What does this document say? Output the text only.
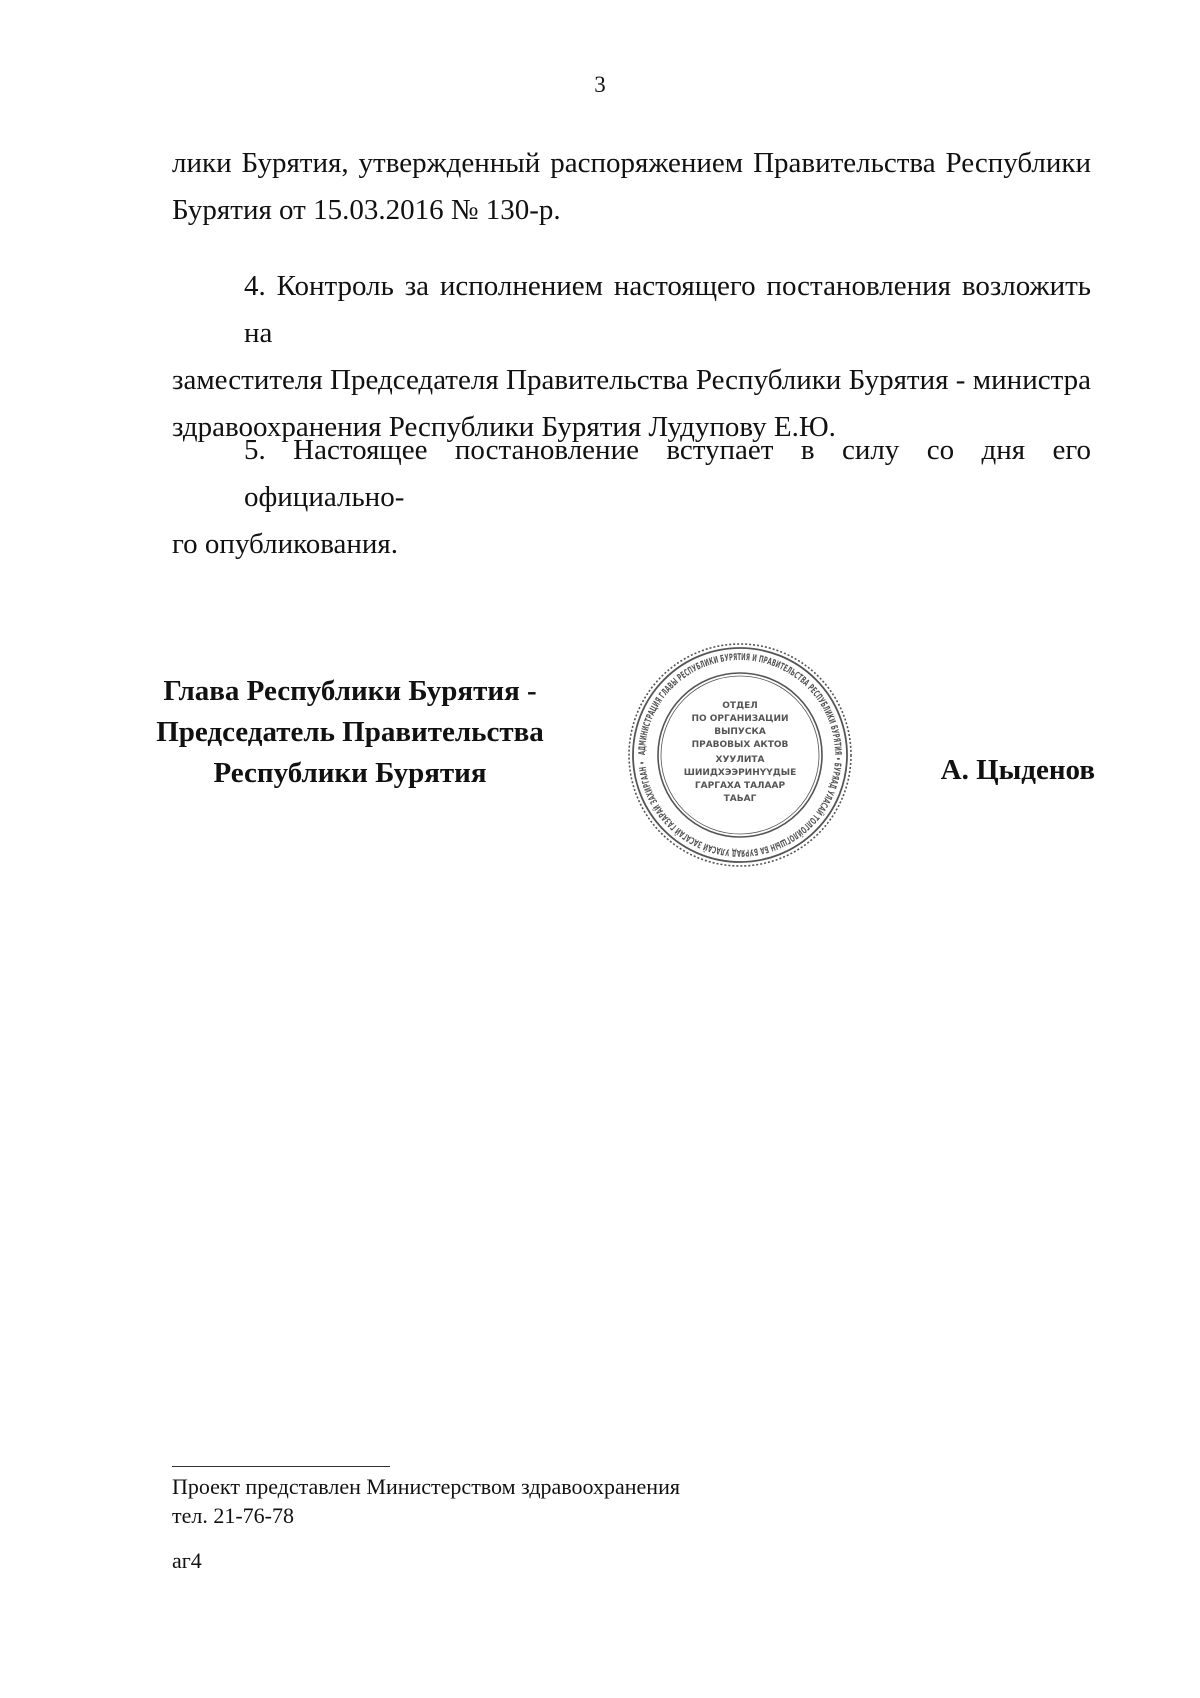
3

лики Бурятия, утвержденный распоряжением Правительства Республики
Бурятия от 15.03.2016 № 130-р.

4. Контроль за исполнением настоящего постановления возложить на
заместителя Председателя Правительства Республики Бурятия - министра
здравоохранения Республики Бурятия Лудупову Е.Ю.

5. Настоящее постановление вступает в силу со дня его официально-
го опубликования.

Глава Республики Бурятия -
Председатель Правительства
Республики Бурятия	А. Цыденов
АДМИНИСТРАЦИЯ ГЛАВЫ РЕСПУБЛИКИ БУРЯТИЯ И ПРАВИТЕЛЬСТВА РЕСПУБЛИКИ БУРЯТИЯ • БУРЯАД УЛАСАЙ ТОЛГОЙЛОГШЫН БА БУРЯАД УЛАСАЙ ЗАСАГАЙ ГАЗАРАЙ ЗАХИРГААН •
ОТДЕЛ
ПО ОРГАНИЗАЦИИ
ВЫПУСКА
ПРАВОВЫХ АКТОВ
ХУУЛИТА
ШИИДХЭЭРИНҮҮДЫЕ
ГАРГАХА ТАЛААР
ТАЬАГ
Проект представлен Министерством здравоохранения
тел. 21-76-78
аг4
